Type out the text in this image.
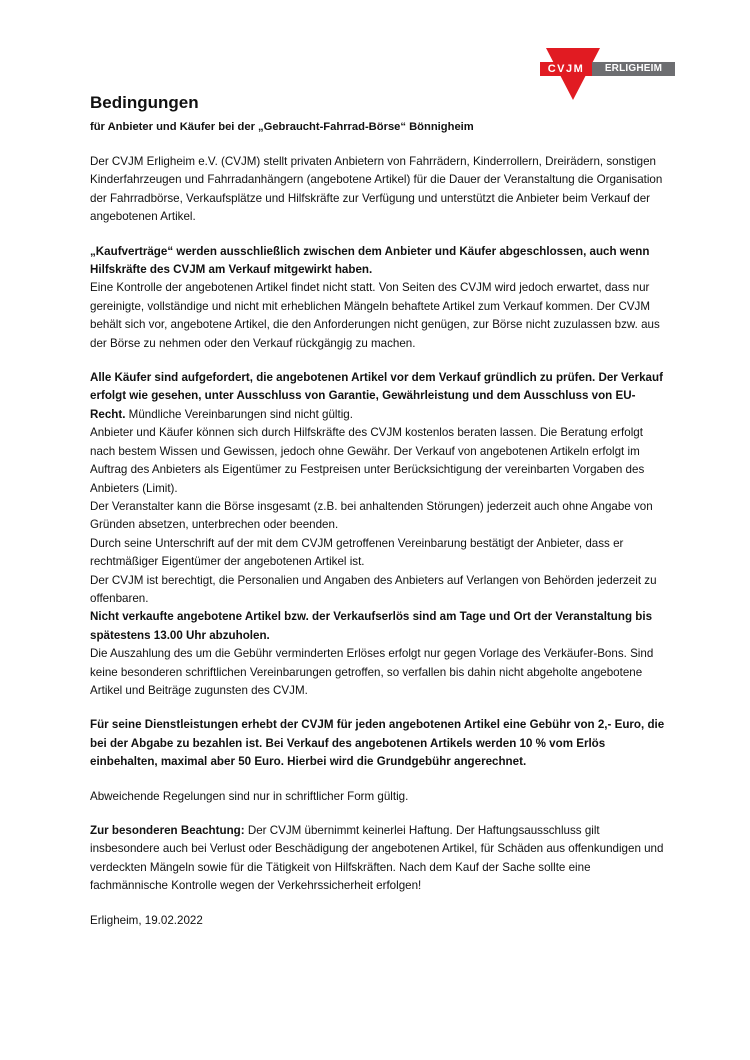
CVJM	ERLIGHEIM
Bedingungen
für Anbieter und Käufer bei der „Gebraucht-Fahrrad-Börse“ Bönnigheim

Der CVJM Erligheim e.V. (CVJM) stellt privaten Anbietern von Fahrrädern, Kinderrollern, Dreirädern, sonstigen Kinderfahrzeugen und Fahrradanhängern (angebotene Artikel) für die Dauer der Veranstaltung die Organisation der Fahrradbörse, Verkaufsplätze und Hilfskräfte zur Verfügung und unterstützt die Anbieter beim Verkauf der angebotenen Artikel.

„Kaufverträge“ werden ausschließlich zwischen dem Anbieter und Käufer abgeschlossen, auch wenn Hilfskräfte des CVJM am Verkauf mitgewirkt haben.
Eine Kontrolle der angebotenen Artikel findet nicht statt. Von Seiten des CVJM wird jedoch erwartet, dass nur gereinigte, vollständige und nicht mit erheblichen Mängeln behaftete Artikel zum Verkauf kommen. Der CVJM behält sich vor, angebotene Artikel, die den Anforderungen nicht genügen, zur Börse nicht zuzulassen bzw. aus der Börse zu nehmen oder den Verkauf rückgängig zu machen.

Alle Käufer sind aufgefordert, die angebotenen Artikel vor dem Verkauf gründlich zu prüfen. Der Verkauf erfolgt wie gesehen, unter Ausschluss von Garantie, Gewährleistung und dem Ausschluss von EU-Recht. Mündliche Vereinbarungen sind nicht gültig.

Anbieter und Käufer können sich durch Hilfskräfte des CVJM kostenlos beraten lassen. Die Beratung erfolgt nach bestem Wissen und Gewissen, jedoch ohne Gewähr. Der Verkauf von angebotenen Artikeln erfolgt im Auftrag des Anbieters als Eigentümer zu Festpreisen unter Berücksichtigung der vereinbarten Vorgaben des Anbieters (Limit).

Der Veranstalter kann die Börse insgesamt (z.B. bei anhaltenden Störungen) jederzeit auch ohne Angabe von Gründen absetzen, unterbrechen oder beenden.

Durch seine Unterschrift auf der mit dem CVJM getroffenen Vereinbarung bestätigt der Anbieter, dass er rechtmäßiger Eigentümer der angebotenen Artikel ist.

Der CVJM ist berechtigt, die Personalien und Angaben des Anbieters auf Verlangen von Behörden jederzeit zu offenbaren.

Nicht verkaufte angebotene Artikel bzw. der Verkaufserlös sind am Tage und Ort der Veranstaltung bis spätestens 13.00 Uhr abzuholen.

Die Auszahlung des um die Gebühr verminderten Erlöses erfolgt nur gegen Vorlage des Verkäufer-Bons. Sind keine besonderen schriftlichen Vereinbarungen getroffen, so verfallen bis dahin nicht abgeholte angebotene Artikel und Beiträge zugunsten des CVJM.

Für seine Dienstleistungen erhebt der CVJM für jeden angebotenen Artikel eine Gebühr von 2,- Euro, die bei der Abgabe zu bezahlen ist. Bei Verkauf des angebotenen Artikels werden 10 % vom Erlös einbehalten, maximal aber 50 Euro. Hierbei wird die Grundgebühr angerechnet.

Abweichende Regelungen sind nur in schriftlicher Form gültig.

Zur besonderen Beachtung: Der CVJM übernimmt keinerlei Haftung. Der Haftungsausschluss gilt insbesondere auch bei Verlust oder Beschädigung der angebotenen Artikel, für Schäden aus offenkundigen und verdeckten Mängeln sowie für die Tätigkeit von Hilfskräften. Nach dem Kauf der Sache sollte eine fachmännische Kontrolle wegen der Verkehrssicherheit erfolgen!

Erligheim, 19.02.2022
